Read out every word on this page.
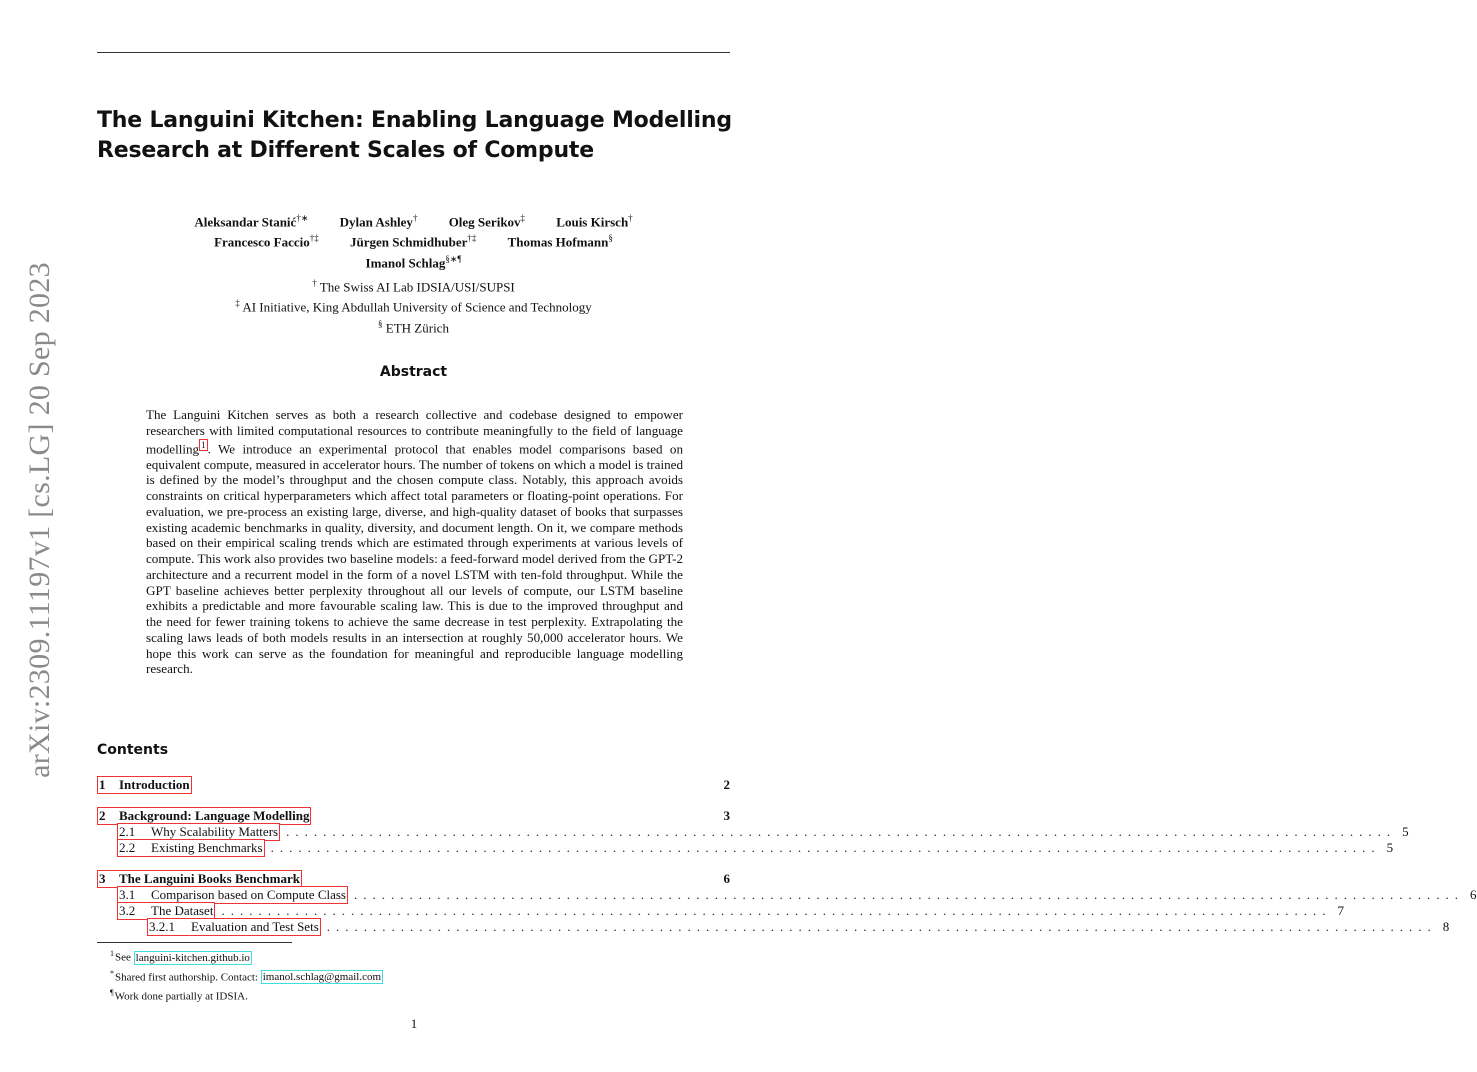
arXiv:2309.11197v1 [cs.LG] 20 Sep 2023
The Languini Kitchen: Enabling Language Modelling
Research at Different Scales of Compute
Aleksandar Stanić†∗ Dylan Ashley† Oleg Serikov‡ Louis Kirsch†
Francesco Faccio†‡ Jürgen Schmidhuber†‡ Thomas Hofmann§
Imanol Schlag§∗¶
† The Swiss AI Lab IDSIA/USI/SUPSI
‡ AI Initiative, King Abdullah University of Science and Technology
§ ETH Zürich
Abstract
The Languini Kitchen serves as both a research collective and codebase designed to empower researchers with limited computational resources to contribute meaningfully to the field of language modelling 1 . We introduce an experimental protocol that enables model comparisons based on equivalent compute, measured in accelerator hours. The number of tokens on which a model is trained is defined by the model’s throughput and the chosen compute class. Notably, this approach avoids constraints on critical hyperparameters which affect total parameters or floating-point operations. For evaluation, we pre-process an existing large, diverse, and high-quality dataset of books that surpasses existing academic benchmarks in quality, diversity, and document length. On it, we compare methods based on their empirical scaling trends which are estimated through experiments at various levels of compute. This work also provides two baseline models: a feed-forward model derived from the GPT-2 architecture and a recurrent model in the form of a novel LSTM with ten-fold throughput. While the GPT baseline achieves better perplexity throughout all our levels of compute, our LSTM baseline exhibits a predictable and more favourable scaling law. This is due to the improved throughput and the need for fewer training tokens to achieve the same decrease in test perplexity. Extrapolating the scaling laws leads of both models results in an intersection at roughly 50,000 accelerator hours. We hope this work can serve as the foundation for meaningful and reproducible language modelling research.
Contents
1 Introduction	2
2 Background: Language Modelling	3
2.1 Why Scalability Matters ........................................................................................................................ 5
2.2 Existing Benchmarks ........................................................................................................................ 5
3 The Languini Books Benchmark	6
3.1 Comparison based on Compute Class ........................................................................................................................ 6
3.2 The Dataset ........................................................................................................................ 7
3.2.1 Evaluation and Test Sets ........................................................................................................................ 8
$^1$See languini-kitchen.github.io
*Shared first authorship. Contact: imanol.schlag@gmail.com
¶Work done partially at IDSIA.
1
